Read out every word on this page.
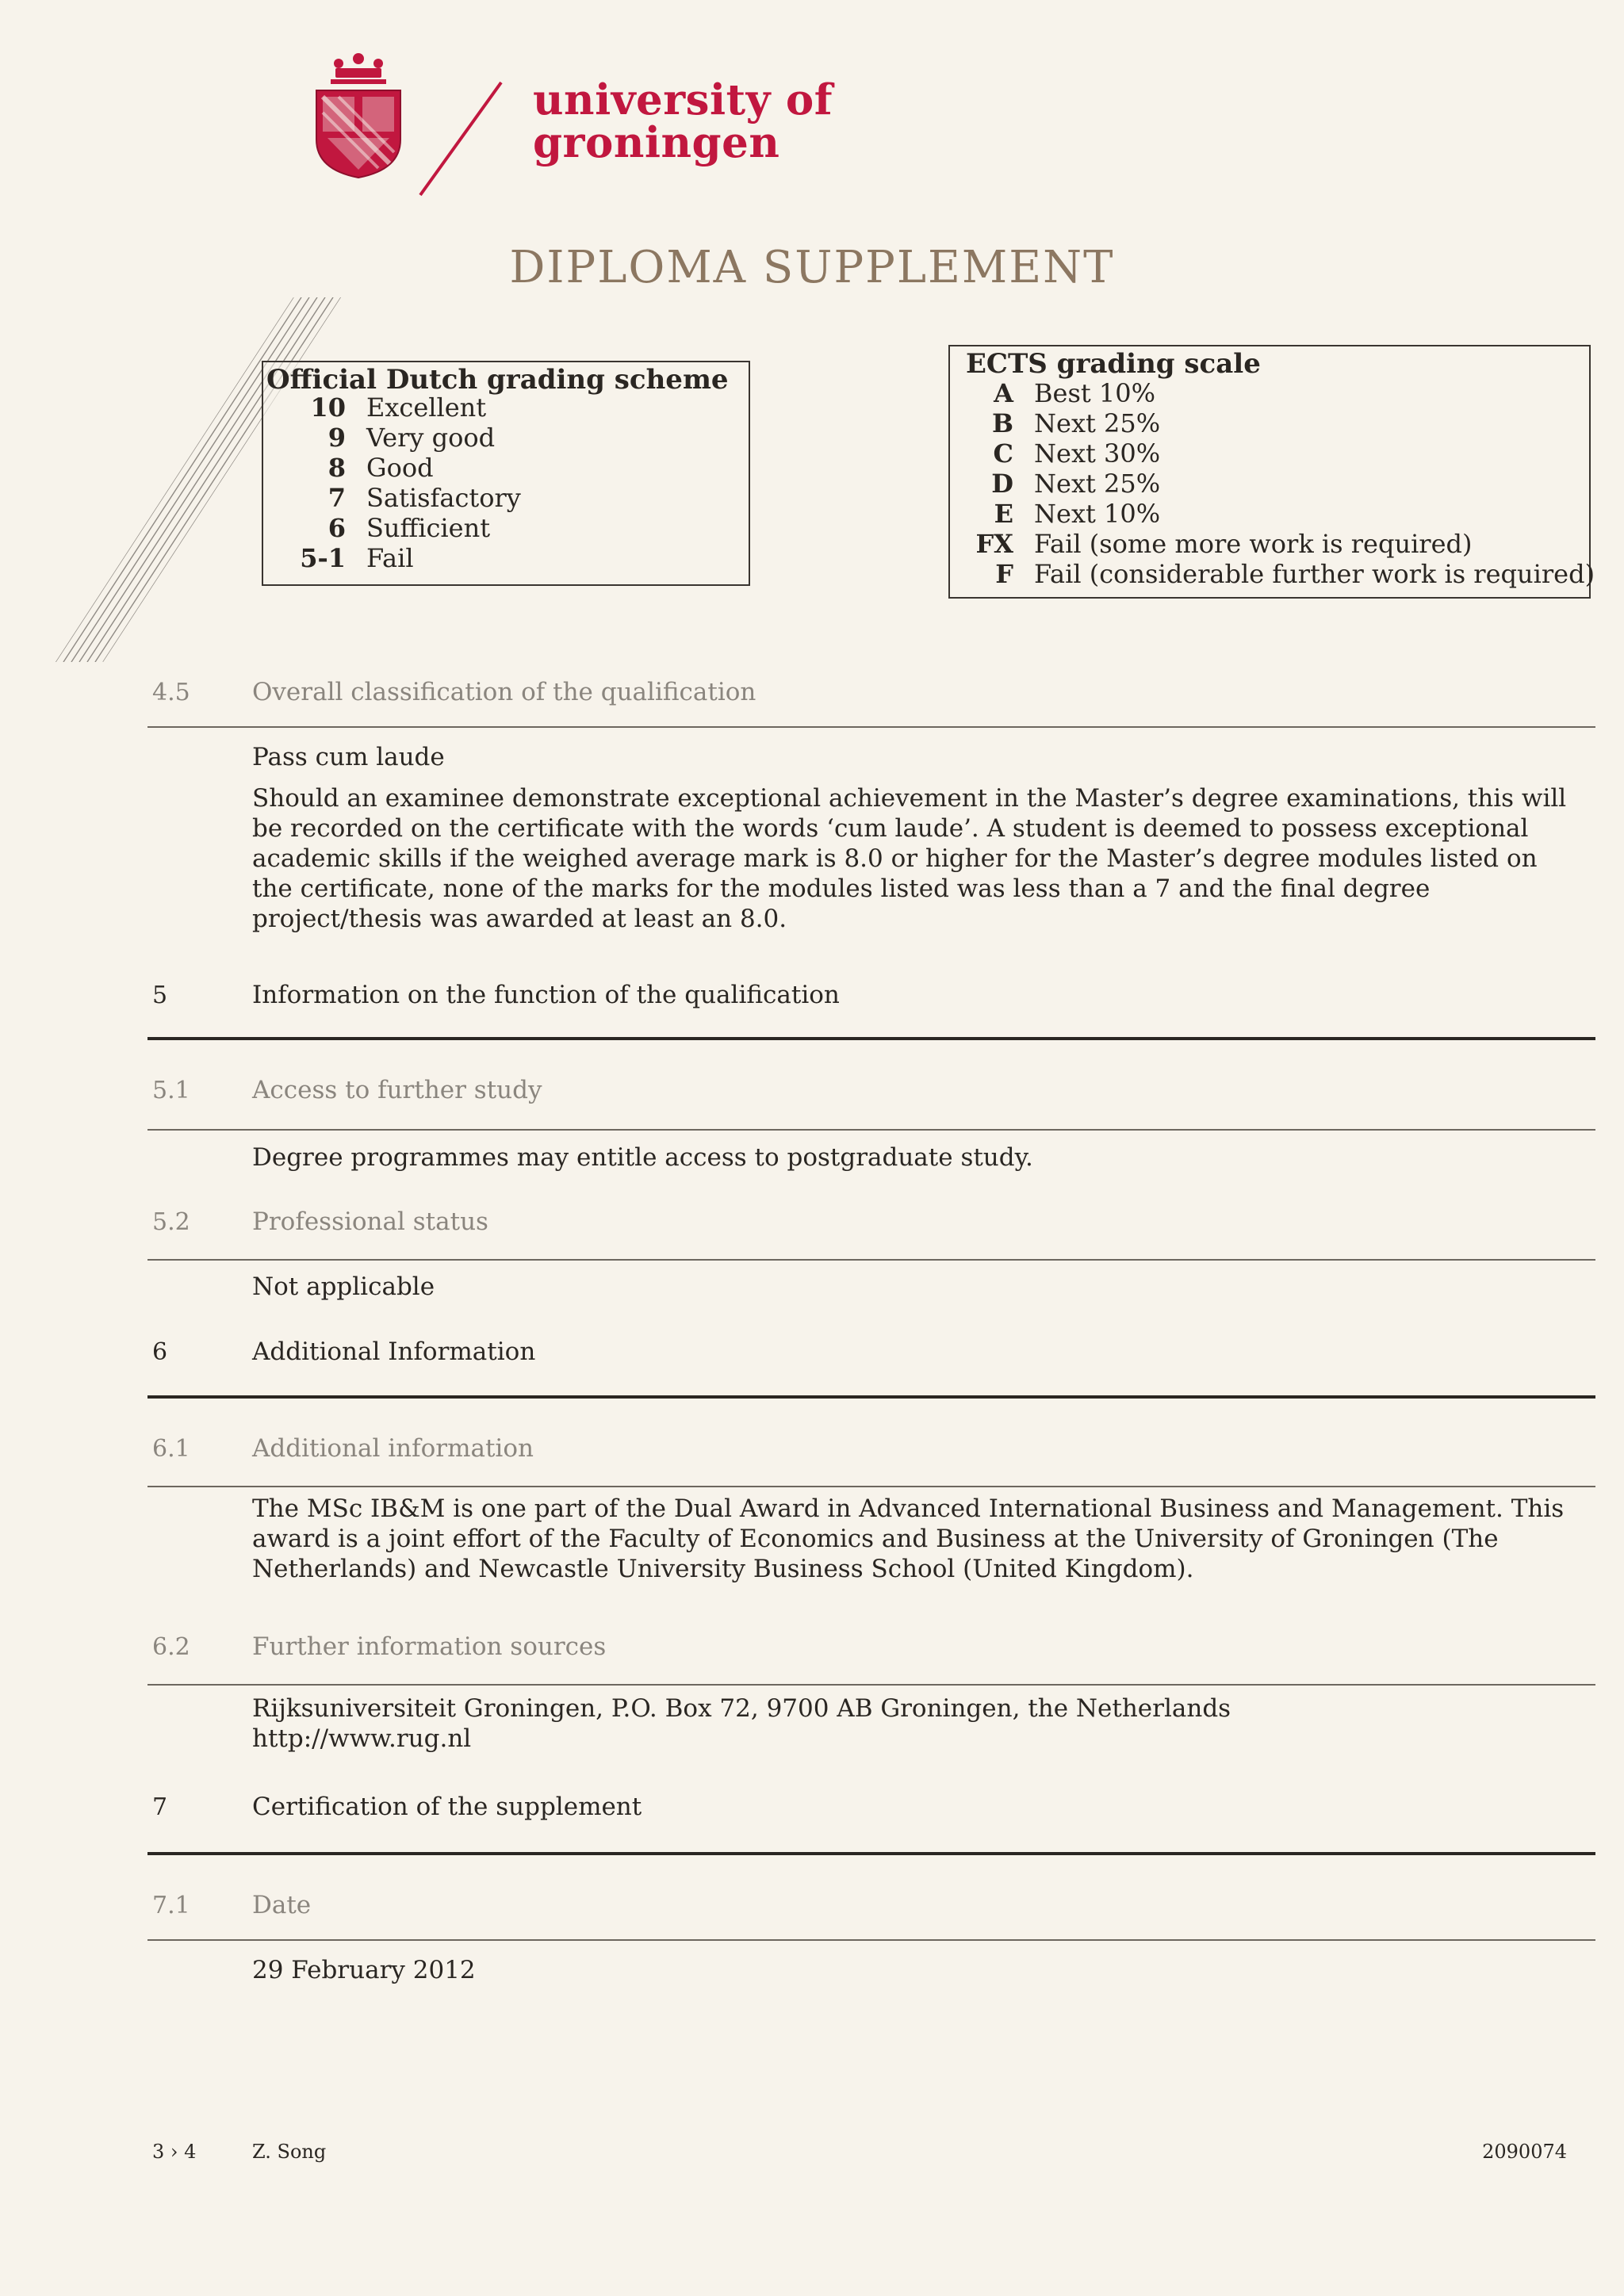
university of
groningen
DIPLOMA SUPPLEMENT
Official Dutch grading scheme
10 Excellent
9 Very good
8 Good
7 Satisfactory
6 Sufficient
5-1 Fail
ECTS grading scale
A Best 10%
B Next 25%
C Next 30%
D Next 25%
E Next 10%
FX Fail (some more work is required)
F Fail (considerable further work is required)
4.5	Overall classification of the qualification
Pass cum laude
Should an examinee demonstrate exceptional achievement in the Master’s degree examinations, this will be recorded on the certificate with the words ‘cum laude’. A student is deemed to possess exceptional academic skills if the weighed average mark is 8.0 or higher for the Master’s degree modules listed on the certificate, none of the marks for the modules listed was less than a 7 and the final degree project/thesis was awarded at least an 8.0.
5	Information on the function of the qualification
5.1	Access to further study
Degree programmes may entitle access to postgraduate study.
5.2	Professional status
Not applicable
6	Additional Information
6.1	Additional information
The MSc IB&M is one part of the Dual Award in Advanced International Business and Management. This award is a joint effort of the Faculty of Economics and Business at the University of Groningen (The Netherlands) and Newcastle University Business School (United Kingdom).
6.2	Further information sources
Rijksuniversiteit Groningen, P.O. Box 72, 9700 AB Groningen, the Netherlands
http://www.rug.nl
7	Certification of the supplement
7.1	Date
29 February 2012
3 › 4	Z. Song	2090074
